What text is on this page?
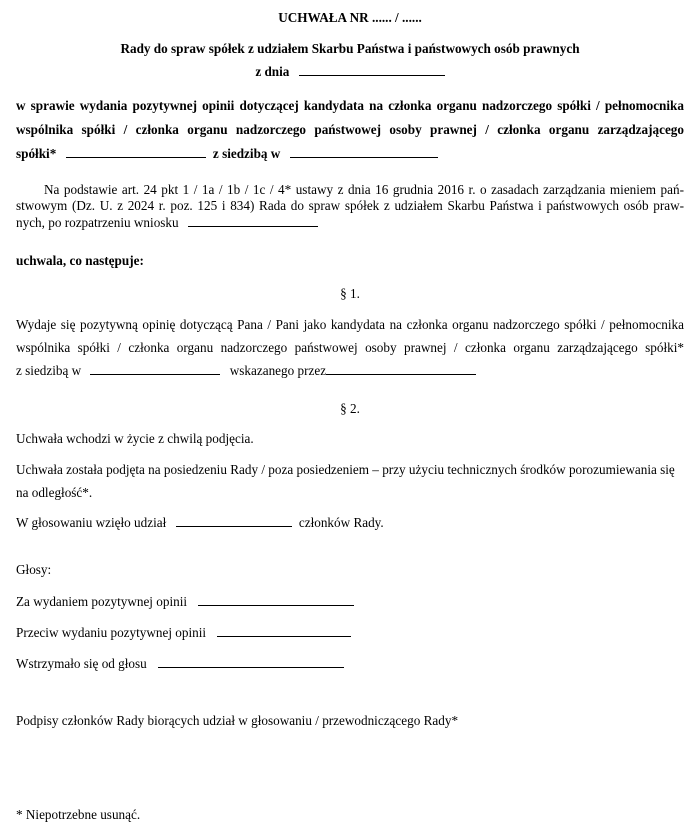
UCHWAŁA NR ...... / ......
Rady do spraw spółek z udziałem Skarbu Państwa i państwowych osób prawnych
z dnia
w sprawie wydania pozytywnej opinii dotyczącej kandydata na członka organu nadzorczego spółki / pełnomocnika
wspólnika spółki / członka organu nadzorczego państwowej osoby prawnej / członka organu zarządzającego
spółki*	z siedzibą w
Na podstawie art. 24 pkt 1 / 1a / 1b / 1c / 4* ustawy z dnia 16 grudnia 2016 r. o zasadach zarządzania mieniem pań-
stwowym (Dz. U. z 2024 r. poz. 125 i 834) Rada do spraw spółek z udziałem Skarbu Państwa i państwowych osób praw-
nych, po rozpatrzeniu wniosku
uchwala, co następuje:
§ 1.
Wydaje się pozytywną opinię dotyczącą Pana / Pani jako kandydata na członka organu nadzorczego spółki / pełnomocnika
wspólnika spółki / członka organu nadzorczego państwowej osoby prawnej / członka organu zarządzającego spółki*
z siedzibą w	wskazanego przez
§ 2.
Uchwała wchodzi w życie z chwilą podjęcia.
Uchwała została podjęta na posiedzeniu Rady / poza posiedzeniem – przy użyciu technicznych środków porozumiewania się
na odległość*.
W głosowaniu wzięło udział	członków Rady.
Głosy:
Za wydaniem pozytywnej opinii
Przeciw wydaniu pozytywnej opinii
Wstrzymało się od głosu
Podpisy członków Rady biorących udział w głosowaniu / przewodniczącego Rady*
* Niepotrzebne usunąć.
